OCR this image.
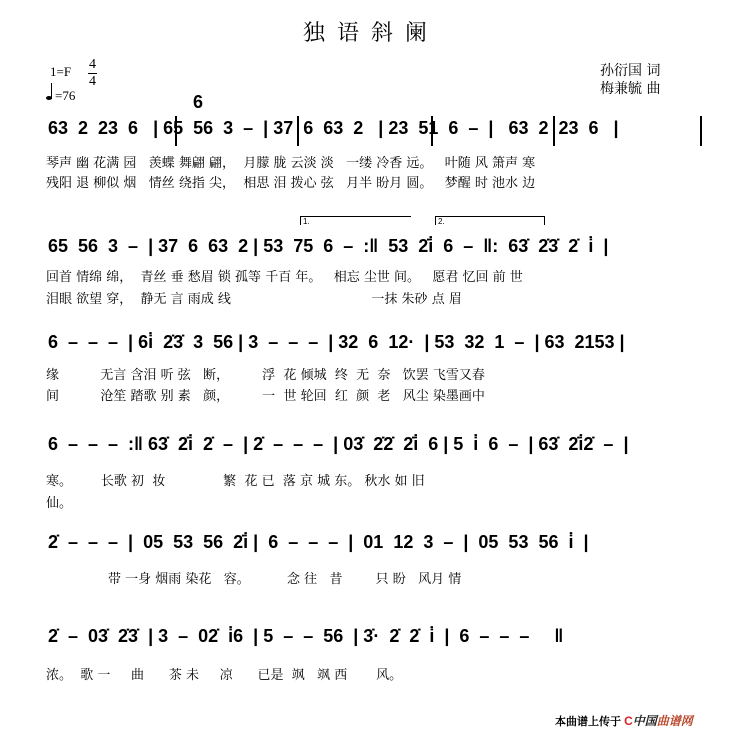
独语斜阑
$1=F \frac{4}{4}$
=76
孙衍国 词
梅兼毓 曲
6
63  2  23  6   | 65  56  3  –  | 37  6  63  2   | 23  51  6  –  |   63  2  23  6   |
琴声 幽 花满 园   羡蝶 舞翩 翩，  月朦 胧 云淡 淡   一缕 冷香 远。   叶随 风 箫声 寒
残阳 退 柳似 烟   情丝 绕指 尖，  相思 泪 拨心 弦   月半 盼月 圆。   梦醒 时 池水 边
1.	2.
回首 情绵 绵，  青丝 垂 愁眉 锁 孤等 千百 年。   相忘 尘世 间。   愿君 忆回 前 世
泪眼 欲望 穿，  静无 言 雨成 线                                  一抹 朱砂 点 眉
65  56  3  –  | 37  6  63  2 | 53  75  6  –  :‖  53  2̇i̇  6  –  ‖:  63̇  2̇3̇  2̇  i̇  |
6  –  –  –  | 6i̇  2̇3̇  3  56 | 3  –  –  –  | 32  6  12·  | 53  32  1  –  | 63  2153 |
缘          无言 含泪 听 弦   断，        浮  花 倾城  终  无  奈   饮罢 飞雪又春
间          沧笙 踏歌 别 素   颜，        一  世 轮回  红  颜  老   风尘 染墨画中
6  –  –  –  :‖ 63̇  2̇i̇  2̇  –  | 2̇  –  –  –  | 03̇  2̇2̇  2̇i̇  6 | 5  i̇  6  –  | 63̇  2̇i̇2̇  –  |
寒。       长歌 初  妆              繁  花 已  落 京 城 东。 秋水 如 旧
仙。
2̇  –  –  –  |  05  53  56  2̇i̇ |  6  –  –  –  |  01  12  3  –  |  05  53  56  i̇  |
带 一身 烟雨 染花   容。         念 往   昔        只 盼   风月 情
2̇  –  03̇  2̇3̇  | 3  –  02̇  i̇6  | 5  –  –  56  | 3̇·  2̇  2̇  i̇  |  6  –  –  –     ‖
浓。  歌 一     曲      茶 未     凉      已是  飒   飒 西       风。
本曲谱上传于 C中国曲谱网
